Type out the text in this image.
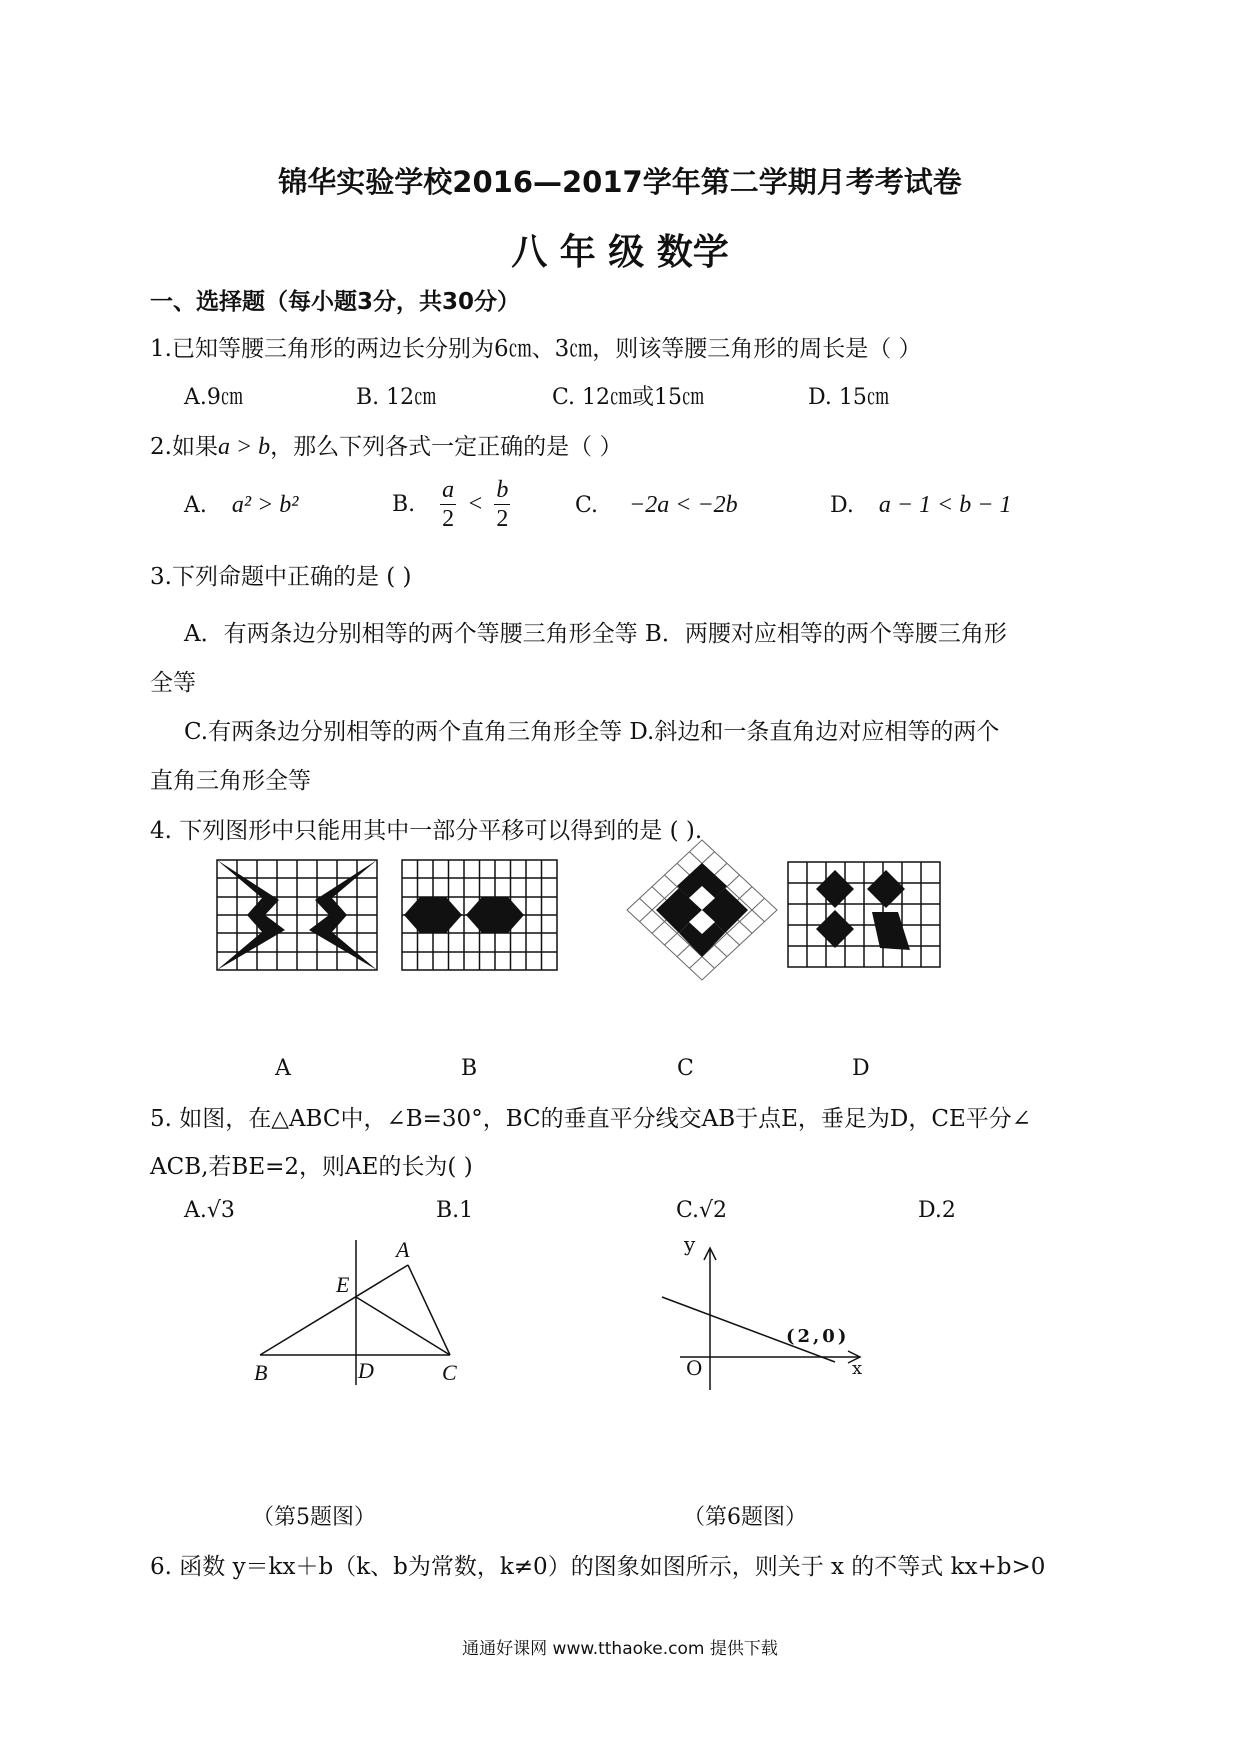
锦华实验学校2016—2017学年第二学期月考考试卷
八 年 级 数学
一、选择题（每小题3分，共30分）
1.已知等腰三角形的两边长分别为6㎝、3㎝，则该等腰三角形的周长是（ ）
A.9㎝	B. 12㎝	C. 12㎝或15㎝	D. 15㎝
2.如果a > b，那么下列各式一定正确的是（ ）
A. a² > b²	B. $\frac{a}{2} < \frac{b}{2}$	C. −2a < −2b	D. a − 1 < b − 1
3.下列命题中正确的是 ( )
A．有两条边分别相等的两个等腰三角形全等 B．两腰对应相等的两个等腰三角形
全等
C.有两条边分别相等的两个直角三角形全等 D.斜边和一条直角边对应相等的两个
直角三角形全等
4. 下列图形中只能用其中一部分平移可以得到的是 ( ).
A	B	C	D
5. 如图，在△ABC中，∠B=30°，BC的垂直平分线交AB于点E，垂足为D，CE平分∠
ACB,若BE=2，则AE的长为( )
A.√3	B.1	C.√2	D.2
A
E
B	D	C
y
x
O
(2,0)
（第5题图）	（第6题图）
6. 函数 y＝kx＋b（k、b为常数，k≠0）的图象如图所示，则关于 x 的不等式 kx+b>0
通通好课网 www.tthaoke.com 提供下载
